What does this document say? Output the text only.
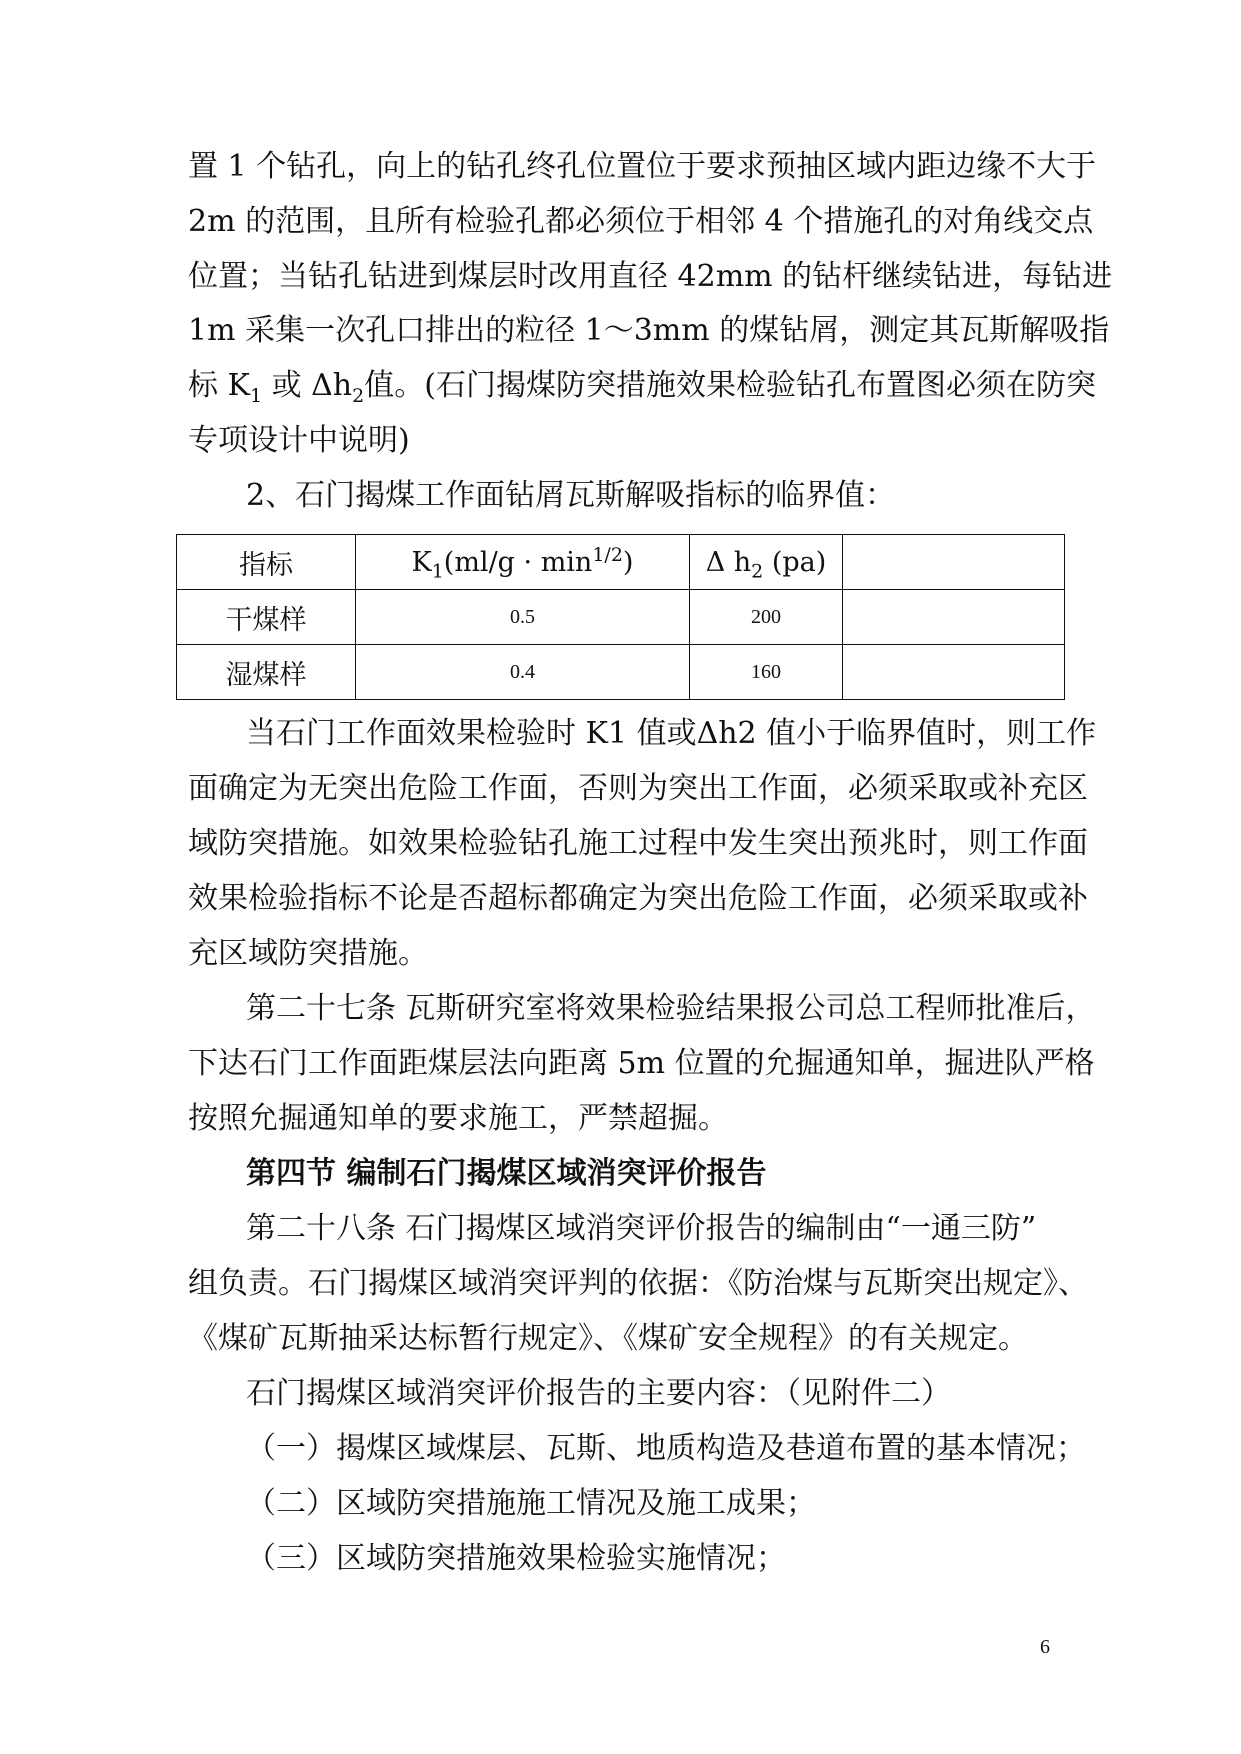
置 1 个钻孔，向上的钻孔终孔位置位于要求预抽区域内距边缘不大于
2m 的范围，且所有检验孔都必须位于相邻 4 个措施孔的对角线交点
位置；当钻孔钻进到煤层时改用直径 42mm 的钻杆继续钻进，每钻进
1m 采集一次孔口排出的粒径 1～3mm 的煤钻屑，测定其瓦斯解吸指
标 $K_1$ 或 $\Delta h_2$值。(石门揭煤防突措施效果检验钻孔布置图必须在防突
专项设计中说明)
2、石门揭煤工作面钻屑瓦斯解吸指标的临界值：
指标	$K_1(ml/g \cdot \min^{1/2})$	Δ $h_2$ (pa)	
干煤样	0.5	200	
湿煤样	0.4	160	
当石门工作面效果检验时 K1 值或Δh2 值小于临界值时，则工作
面确定为无突出危险工作面，否则为突出工作面，必须采取或补充区
域防突措施。如效果检验钻孔施工过程中发生突出预兆时，则工作面
效果检验指标不论是否超标都确定为突出危险工作面，必须采取或补
充区域防突措施。
第二十七条 瓦斯研究室将效果检验结果报公司总工程师批准后，
下达石门工作面距煤层法向距离 5m 位置的允掘通知单，掘进队严格
按照允掘通知单的要求施工，严禁超掘。
第四节 编制石门揭煤区域消突评价报告
第二十八条 石门揭煤区域消突评价报告的编制由“一通三防”
组负责。石门揭煤区域消突评判的依据：《防治煤与瓦斯突出规定》、
《煤矿瓦斯抽采达标暂行规定》、《煤矿安全规程》的有关规定。
石门揭煤区域消突评价报告的主要内容：（见附件二）
（一）揭煤区域煤层、瓦斯、地质构造及巷道布置的基本情况；
（二）区域防突措施施工情况及施工成果；
（三）区域防突措施效果检验实施情况；
6
